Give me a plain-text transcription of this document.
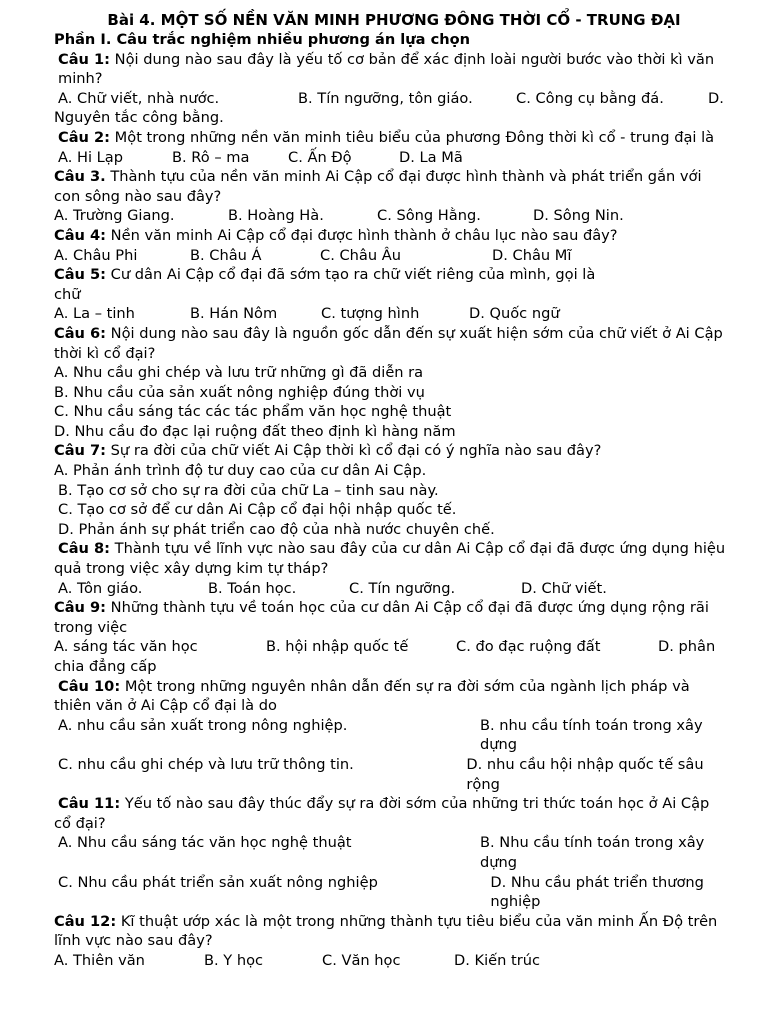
Bài 4. MỘT SỐ NỀN VĂN MINH PHƯƠNG ĐÔNG THỜI CỔ - TRUNG ĐẠI

Phần I. Câu trắc nghiệm nhiều phương án lựa chọn

Câu 1: Nội dung nào sau đây là yếu tố cơ bản để xác định loài người bước vào thời kì văn minh?
A. Chữ viết, nhà nước.	B. Tín ngưỡng, tôn giáo.	C. Công cụ bằng đá.	D.
Nguyên tắc công bằng.
Câu 2: Một trong những nền văn minh tiêu biểu của phương Đông thời kì cổ - trung đại là
A. Hi Lạp	B. Rô – ma	C. Ấn Độ	D. La Mã
Câu 3. Thành tựu của nền văn minh Ai Cập cổ đại được hình thành và phát triển gắn với con sông nào sau đây?
A. Trường Giang.	B. Hoàng Hà.	C. Sông Hằng.	D. Sông Nin.
Câu 4: Nền văn minh Ai Cập cổ đại được hình thành ở châu lục nào sau đây?
A. Châu Phi	B. Châu Á	C. Châu Âu	D. Châu Mĩ
Câu 5: Cư dân Ai Cập cổ đại đã sớm tạo ra chữ viết riêng của mình, gọi là
chữ
A. La – tinh	B. Hán Nôm	C. tượng hình	D. Quốc ngữ
Câu 6: Nội dung nào sau đây là nguồn gốc dẫn đến sự xuất hiện sớm của chữ viết ở Ai Cập thời kì cổ đại?
A. Nhu cầu ghi chép và lưu trữ những gì đã diễn ra
B. Nhu cầu của sản xuất nông nghiệp đúng thời vụ
C. Nhu cầu sáng tác các tác phẩm văn học nghệ thuật
D. Nhu cầu đo đạc lại ruộng đất theo định kì hàng năm
Câu 7: Sự ra đời của chữ viết Ai Cập thời kì cổ đại có ý nghĩa nào sau đây?
A. Phản ánh trình độ tư duy cao của cư dân Ai Cập.
B. Tạo cơ sở cho sự ra đời của chữ La – tinh sau này.
C. Tạo cơ sở để cư dân Ai Cập cổ đại hội nhập quốc tế.
D. Phản ánh sự phát triển cao độ của nhà nước chuyên chế.
Câu 8: Thành tựu về lĩnh vực nào sau đây của cư dân Ai Cập cổ đại đã được ứng dụng hiệu quả trong việc xây dựng kim tự tháp?
A. Tôn giáo.	B. Toán học.	C. Tín ngưỡng.	D. Chữ viết.
Câu 9: Những thành tựu về toán học của cư dân Ai Cập cổ đại đã được ứng dụng rộng rãi trong việc
A. sáng tác văn học	B. hội nhập quốc tế	C. đo đạc ruộng đất	D. phân
chia đẳng cấp
Câu 10: Một trong những nguyên nhân dẫn đến sự ra đời sớm của ngành lịch pháp và thiên văn ở Ai Cập cổ đại là do
A. nhu cầu sản xuất trong nông nghiệp.	B. nhu cầu tính toán trong xây dựng
C. nhu cầu ghi chép và lưu trữ thông tin.	D. nhu cầu hội nhập quốc tế sâu rộng
Câu 11: Yếu tố nào sau đây thúc đẩy sự ra đời sớm của những tri thức toán học ở Ai Cập cổ đại?
A. Nhu cầu sáng tác văn học nghệ thuật	B. Nhu cầu tính toán trong xây dựng
C. Nhu cầu phát triển sản xuất nông nghiệp	D. Nhu cầu phát triển thương nghiệp
Câu 12: Kĩ thuật ướp xác là một trong những thành tựu tiêu biểu của văn minh Ấn Độ trên lĩnh vực nào sau đây?
A. Thiên văn	B. Y học	C. Văn học	D. Kiến trúc
